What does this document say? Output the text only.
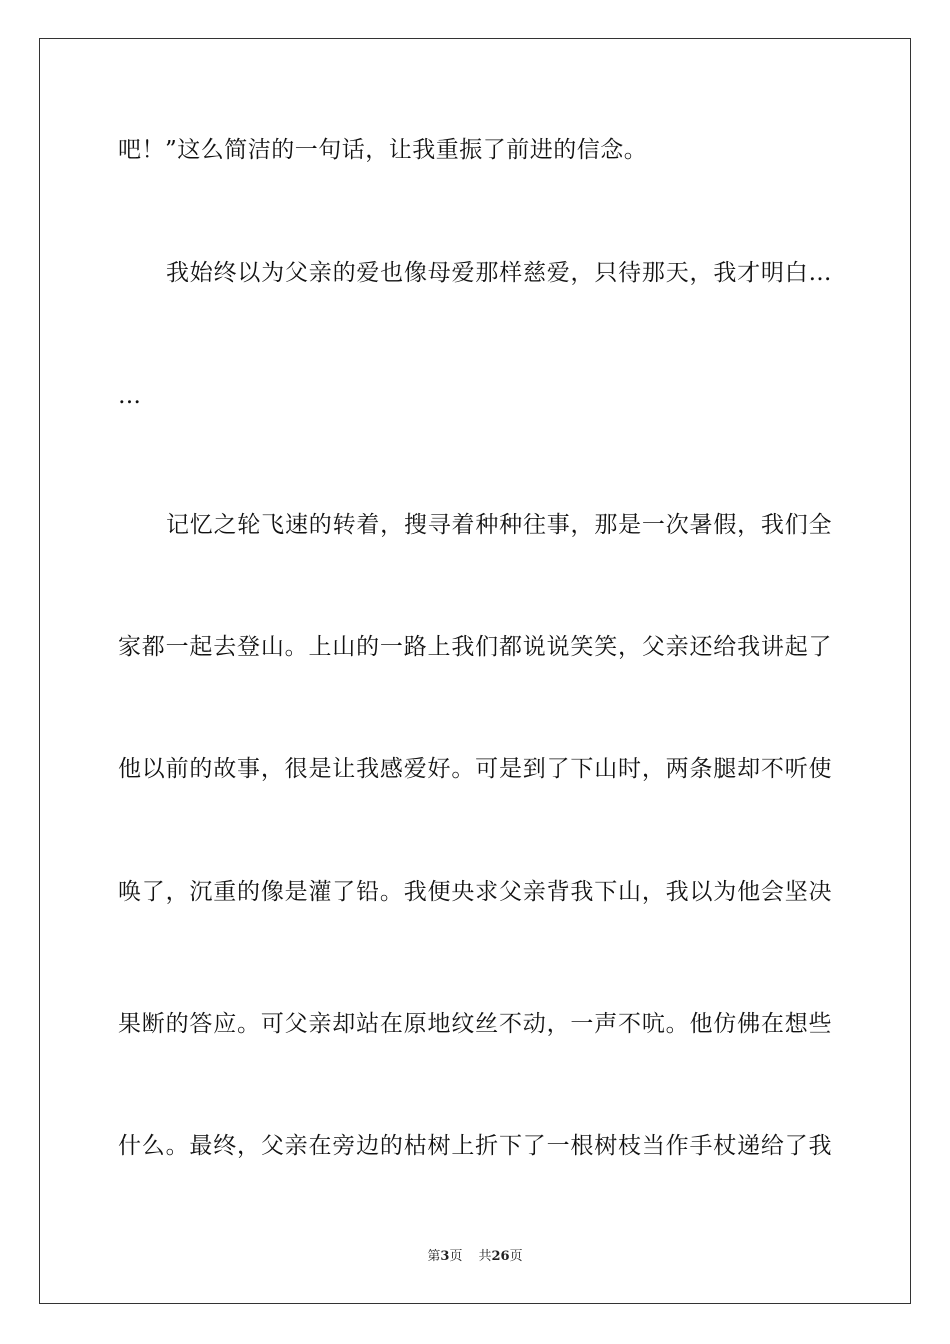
吧！”这么简洁的一句话，让我重振了前进的信念。
我始终以为父亲的爱也像母爱那样慈爱，只待那天，我才明白…
…
记忆之轮飞速的转着，搜寻着种种往事，那是一次暑假，我们全
家都一起去登山。上山的一路上我们都说说笑笑，父亲还给我讲起了
他以前的故事，很是让我感爱好。可是到了下山时，两条腿却不听使
唤了，沉重的像是灌了铅。我便央求父亲背我下山，我以为他会坚决
果断的答应。可父亲却站在原地纹丝不动，一声不吭。他仿佛在想些
什么。最终，父亲在旁边的枯树上折下了一根树枝当作手杖递给了我
第3页 共26页
